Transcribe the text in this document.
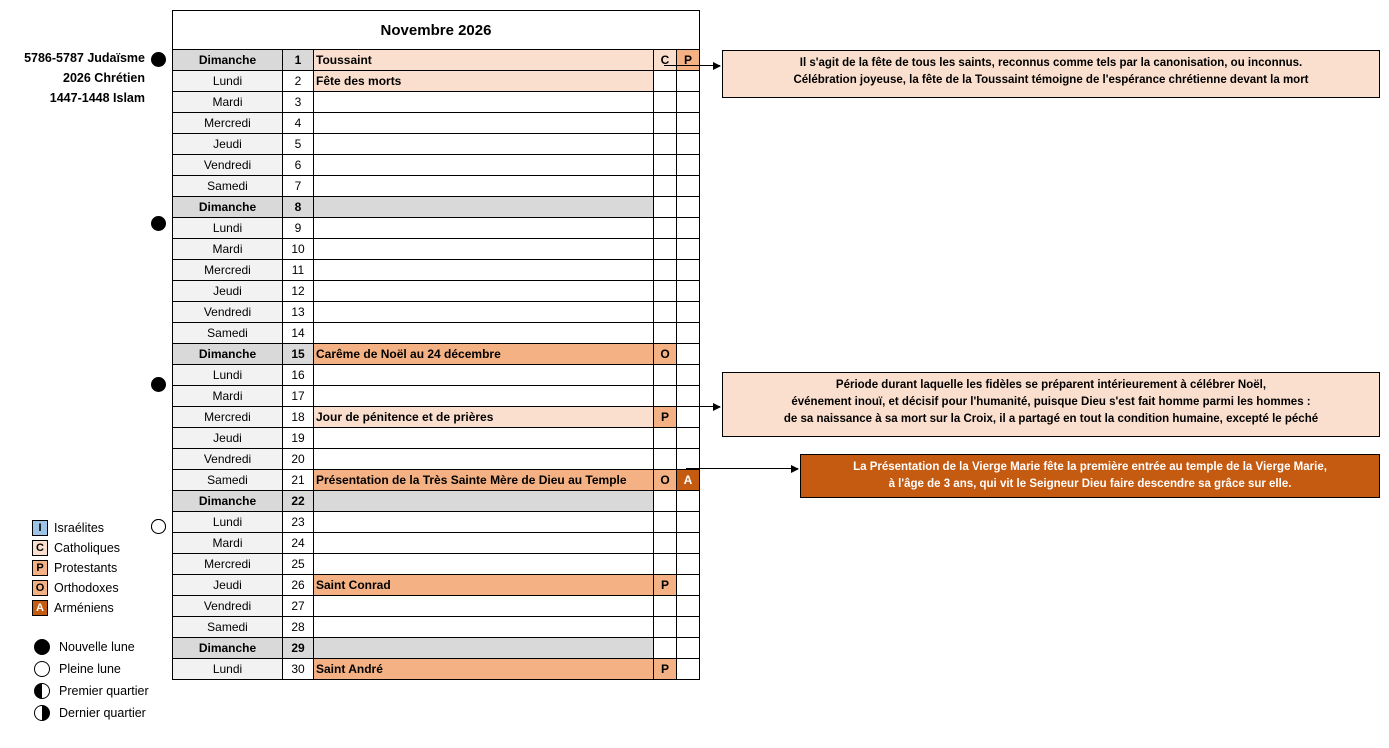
5786-5787 Judaïsme
2026 Chrétien
1447-1448 Islam
Novembre 2026				
Dimanche	1	Toussaint	C	P
Lundi	2	Fête des morts		
Mardi	3			
Mercredi	4			
Jeudi	5			
Vendredi	6			
Samedi	7			
Dimanche	8			
Lundi	9			
Mardi	10			
Mercredi	11			
Jeudi	12			
Vendredi	13			
Samedi	14			
Dimanche	15	Carême de Noël au 24 décembre	O	
Lundi	16			
Mardi	17			
Mercredi	18	Jour de pénitence et de prières	P	
Jeudi	19			
Vendredi	20			
Samedi	21	Présentation de la Très Sainte Mère de Dieu au Temple	O	A
Dimanche	22			
Lundi	23			
Mardi	24			
Mercredi	25			
Jeudi	26	Saint Conrad	P	
Vendredi	27			
Samedi	28			
Dimanche	29			
Lundi	30	Saint André	P	
Il s'agit de la fête de tous les saints, reconnus comme tels par la canonisation, ou inconnus.
Célébration joyeuse, la fête de la Toussaint témoigne de l'espérance chrétienne devant la mort
Période durant laquelle les fidèles se préparent intérieurement à célébrer Noël,
événement inouï, et décisif pour l'humanité, puisque Dieu s'est fait homme parmi les hommes :
de sa naissance à sa mort sur la Croix, il a partagé en tout la condition humaine, excepté le péché
La Présentation de la Vierge Marie fête la première entrée au temple de la Vierge Marie,
à l'âge de 3 ans, qui vit le Seigneur Dieu faire descendre sa grâce sur elle.
I Israélites
C Catholiques
P Protestants
O Orthodoxes
A Arméniens
Nouvelle lune
Pleine lune
Premier quartier
Dernier quartier
